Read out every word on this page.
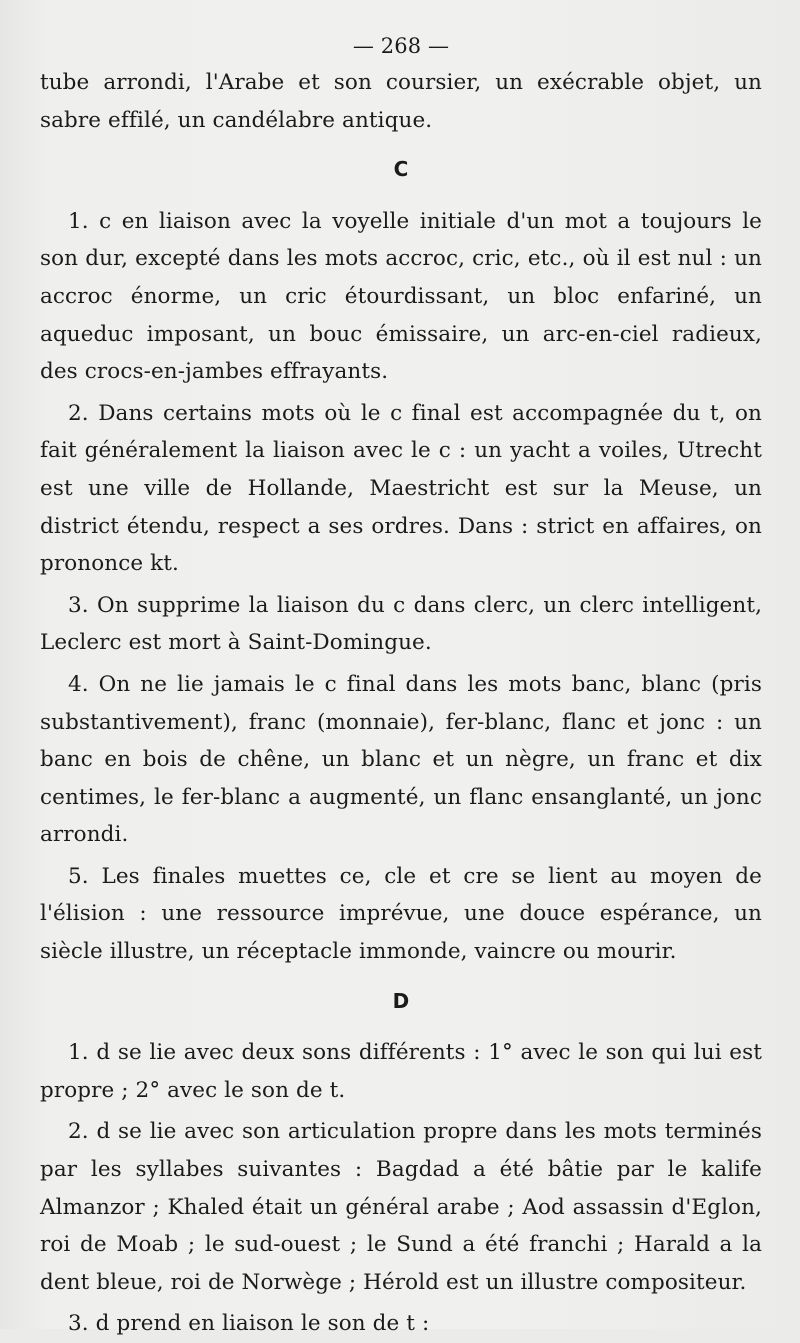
— 268 —

tube arrondi, l'Arabe et son coursier, un exécrable objet, un sabre effilé, un candélabre antique.

C

1. c en liaison avec la voyelle initiale d'un mot a toujours le son dur, excepté dans les mots accroc, cric, etc., où il est nul : un accroc énorme, un cric étourdissant, un bloc enfariné, un aqueduc imposant, un bouc émissaire, un arc-en-ciel radieux, des crocs-en-jambes effrayants.

2. Dans certains mots où le c final est accompagnée du t, on fait généralement la liaison avec le c : un yacht a voiles, Utrecht est une ville de Hollande, Maestricht est sur la Meuse, un district étendu, respect a ses ordres. Dans : strict en affaires, on prononce kt.

3. On supprime la liaison du c dans clerc, un clerc intelligent, Leclerc est mort à Saint-Domingue.

4. On ne lie jamais le c final dans les mots banc, blanc (pris substantivement), franc (monnaie), fer-blanc, flanc et jonc : un banc en bois de chêne, un blanc et un nègre, un franc et dix centimes, le fer-blanc a augmenté, un flanc ensanglanté, un jonc arrondi.

5. Les finales muettes ce, cle et cre se lient au moyen de l'élision : une ressource imprévue, une douce espérance, un siècle illustre, un réceptacle immonde, vaincre ou mourir.

D

1. d se lie avec deux sons différents : 1° avec le son qui lui est propre ; 2° avec le son de t.

2. d se lie avec son articulation propre dans les mots terminés par les syllabes suivantes : Bagdad a été bâtie par le kalife Almanzor ; Khaled était un général arabe ; Aod assassin d'Eglon, roi de Moab ; le sud-ouest ; le Sund a été franchi ; Harald a la dent bleue, roi de Norwège ; Hérold est un illustre compositeur.

3. d prend en liaison le son de t :
